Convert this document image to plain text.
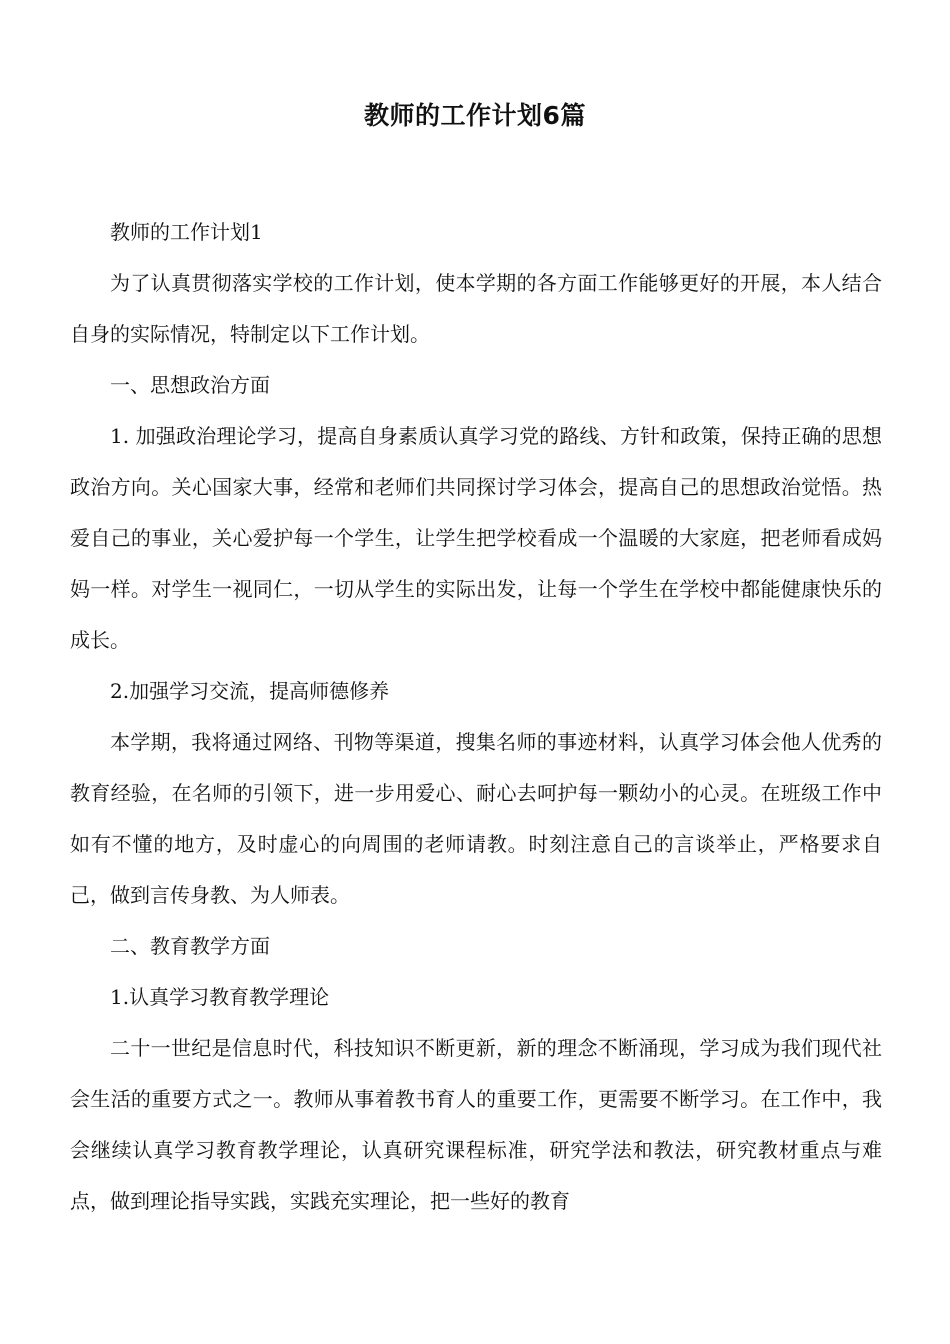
教师的工作计划6篇

教师的工作计划1

为了认真贯彻落实学校的工作计划，使本学期的各方面工作能够更好的开展，本人结合自身的实际情况，特制定以下工作计划。

一、思想政治方面

1. 加强政治理论学习，提高自身素质认真学习党的路线、方针和政策，保持正确的思想政治方向。关心国家大事，经常和老师们共同探讨学习体会，提高自己的思想政治觉悟。热爱自己的事业，关心爱护每一个学生，让学生把学校看成一个温暖的大家庭，把老师看成妈妈一样。对学生一视同仁，一切从学生的实际出发，让每一个学生在学校中都能健康快乐的成长。

2.加强学习交流，提高师德修养

本学期，我将通过网络、刊物等渠道，搜集名师的事迹材料，认真学习体会他人优秀的教育经验，在名师的引领下，进一步用爱心、耐心去呵护每一颗幼小的心灵。在班级工作中如有不懂的地方，及时虚心的向周围的老师请教。时刻注意自己的言谈举止，严格要求自己，做到言传身教、为人师表。

二、教育教学方面

1.认真学习教育教学理论

二十一世纪是信息时代，科技知识不断更新，新的理念不断涌现，学习成为我们现代社会生活的重要方式之一。教师从事着教书育人的重要工作，更需要不断学习。在工作中，我会继续认真学习教育教学理论，认真研究课程标准，研究学法和教法，研究教材重点与难点，做到理论指导实践，实践充实理论，把一些好的教育
